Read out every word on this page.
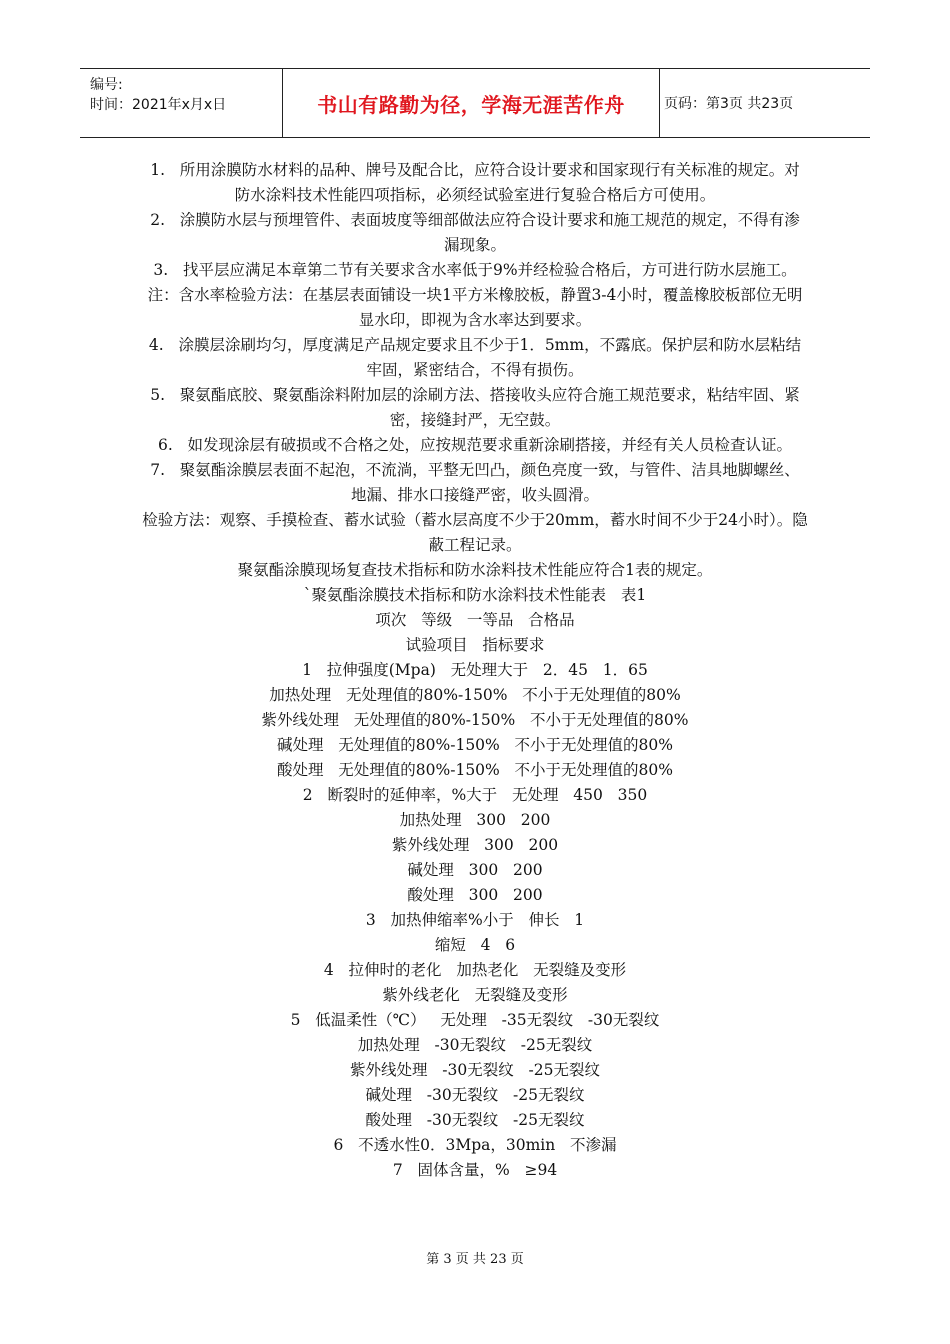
编号:
时间：2021年x月x日	书山有路勤为径，学海无涯苦作舟	页码：第3页 共23页

1.   所用涂膜防水材料的品种、牌号及配合比，应符合设计要求和国家现行有关标准的规定。对防水涂料技术性能四项指标，必须经试验室进行复验合格后方可使用。

2.   涂膜防水层与预埋管件、表面坡度等细部做法应符合设计要求和施工规范的规定，不得有渗漏现象。

3.   找平层应满足本章第二节有关要求含水率低于9%并经检验合格后，方可进行防水层施工。  注：含水率检验方法：在基层表面铺设一块1平方米橡胶板，静置3-4小时，覆盖橡胶板部位无明显水印，即视为含水率达到要求。

4.   涂膜层涂刷均匀，厚度满足产品规定要求且不少于1．5mm，不露底。保护层和防水层粘结牢固，紧密结合，不得有损伤。

5.   聚氨酯底胶、聚氨酯涂料附加层的涂刷方法、搭接收头应符合施工规范要求，粘结牢固、紧密，接缝封严，无空鼓。

6.   如发现涂层有破损或不合格之处，应按规范要求重新涂刷搭接，并经有关人员检查认证。

7.   聚氨酯涂膜层表面不起泡，不流淌，平整无凹凸，颜色亮度一致，与管件、洁具地脚螺丝、地漏、排水口接缝严密，收头圆滑。

检验方法：观察、手摸检查、蓄水试验（蓄水层高度不少于20mm，蓄水时间不少于24小时）。隐蔽工程记录。

聚氨酯涂膜现场复查技术指标和防水涂料技术性能应符合1表的规定。

`聚氨酯涂膜技术指标和防水涂料技术性能表   表1

项次   等级   一等品   合格品

试验项目   指标要求

1   拉伸强度(Mpa)   无处理大于   2．45   1．65

加热处理   无处理值的80%-150%   不小于无处理值的80%

紫外线处理   无处理值的80%-150%   不小于无处理值的80%

碱处理   无处理值的80%-150%   不小于无处理值的80%

酸处理   无处理值的80%-150%   不小于无处理值的80%

2   断裂时的延伸率，%大于   无处理   450   350

加热处理   300   200

紫外线处理   300   200

碱处理   300   200

酸处理   300   200

3   加热伸缩率%小于   伸长   1

缩短   4   6

4   拉伸时的老化   加热老化   无裂缝及变形

紫外线老化   无裂缝及变形

5   低温柔性（℃）   无处理   -35无裂纹   -30无裂纹

加热处理   -30无裂纹   -25无裂纹

紫外线处理   -30无裂纹   -25无裂纹

碱处理   -30无裂纹   -25无裂纹

酸处理   -30无裂纹   -25无裂纹

6   不透水性0．3Mpa，30min   不渗漏

7   固体含量，%   ≥94

第 3 页 共 23 页
